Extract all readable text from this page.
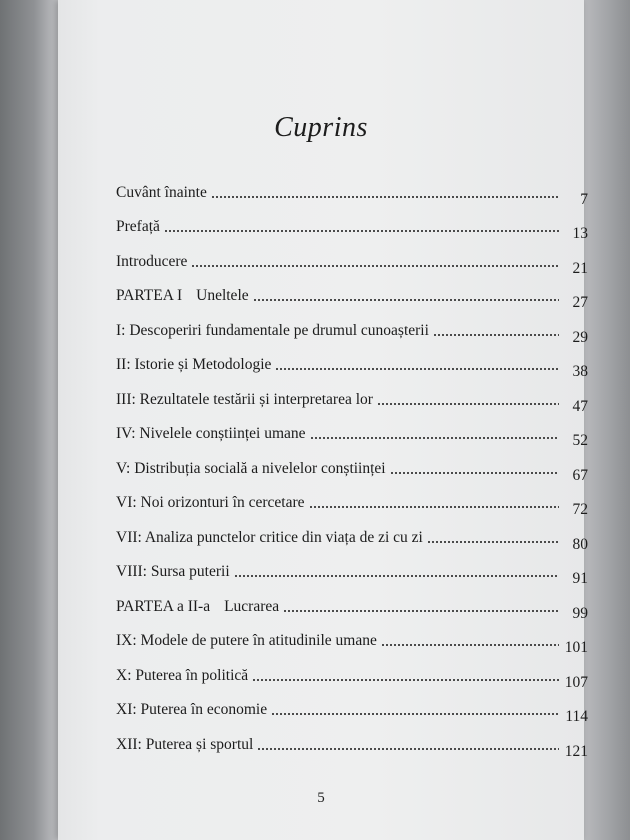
Cuprins
Cuvânt înainte	7
Prefață	13
Introducere	21
PARTEA I Uneltele	27
I: Descoperiri fundamentale pe drumul cunoașterii	29
II: Istorie și Metodologie	38
III: Rezultatele testării și interpretarea lor	47
IV: Nivelele conștiinței umane	52
V: Distribuția socială a nivelelor conștiinței	67
VI: Noi orizonturi în cercetare	72
VII: Analiza punctelor critice din viața de zi cu zi	80
VIII: Sursa puterii	91
PARTEA a II-a Lucrarea	99
IX: Modele de putere în atitudinile umane	101
X: Puterea în politică	107
XI: Puterea în economie	114
XII: Puterea și sportul	121
5
